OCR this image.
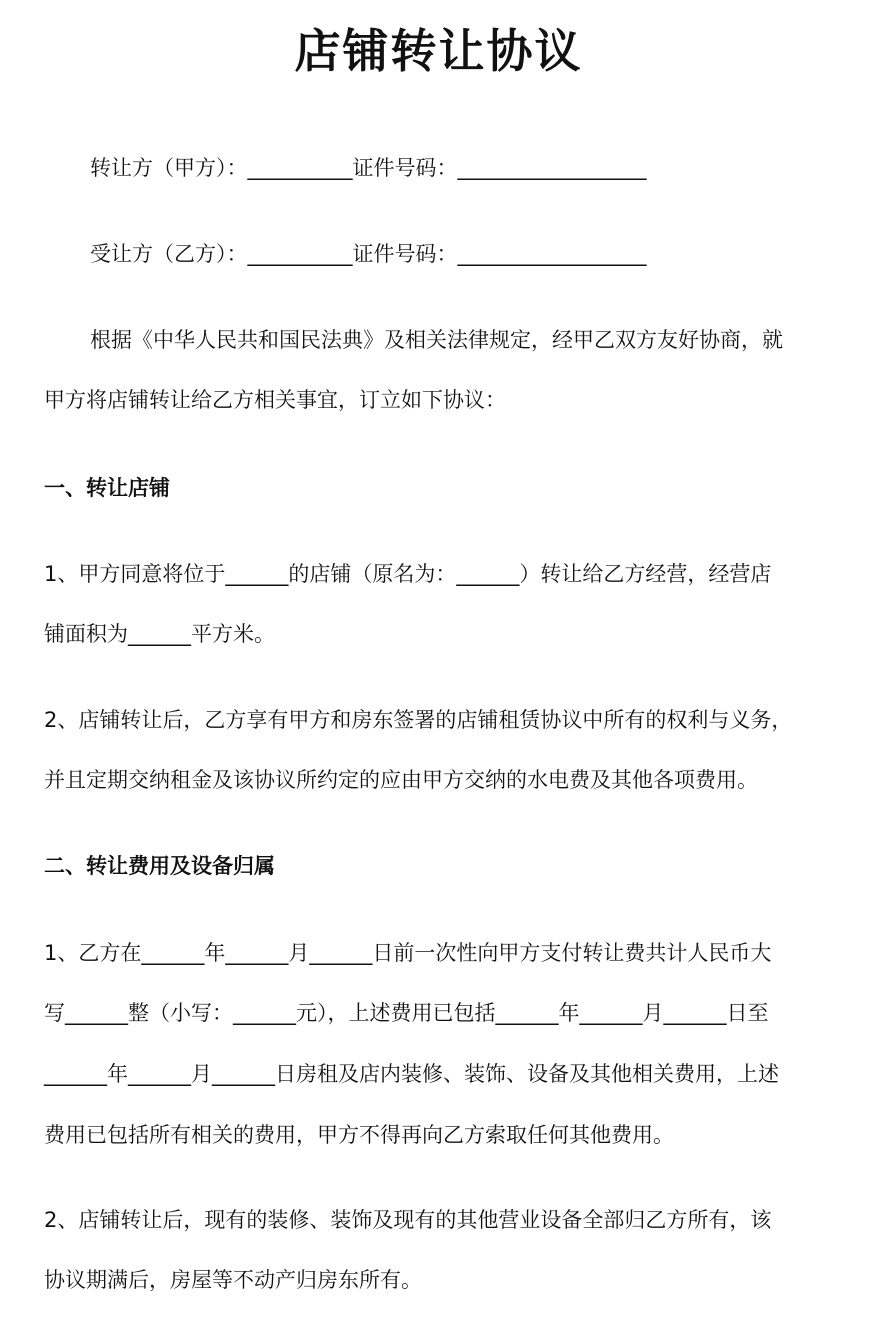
店铺转让协议
转让方（甲方）：__________证件号码：__________________
受让方（乙方）：__________证件号码：__________________
根据《中华人民共和国民法典》及相关法律规定，经甲乙双方友好协商，就
甲方将店铺转让给乙方相关事宜，订立如下协议：
一、转让店铺
1、甲方同意将位于______的店铺（原名为：______）转让给乙方经营，经营店
铺面积为______平方米。
2、店铺转让后，乙方享有甲方和房东签署的店铺租赁协议中所有的权利与义务，
并且定期交纳租金及该协议所约定的应由甲方交纳的水电费及其他各项费用。
二、转让费用及设备归属
1、乙方在______年______月______日前一次性向甲方支付转让费共计人民币大
写______整（小写：______元），上述费用已包括______年______月______日至
______年______月______日房租及店内装修、装饰、设备及其他相关费用，上述
费用已包括所有相关的费用，甲方不得再向乙方索取任何其他费用。
2、店铺转让后，现有的装修、装饰及现有的其他营业设备全部归乙方所有，该
协议期满后，房屋等不动产归房东所有。
